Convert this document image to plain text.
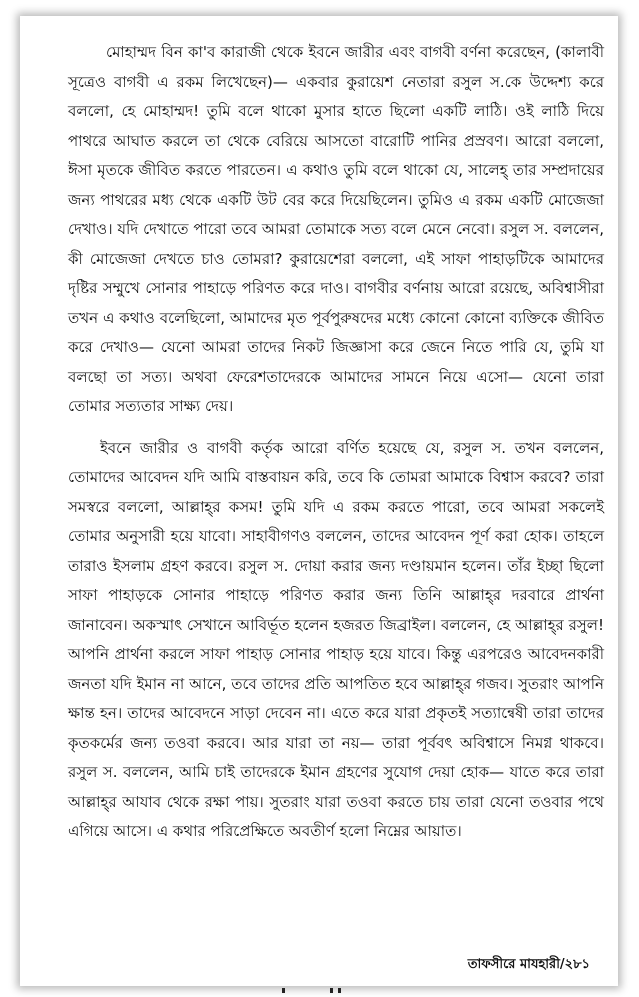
মোহাম্মদ বিন কা'ব কারাজী থেকে ইবনে জারীর এবং বাগবী বর্ণনা করেছেন, (কালাবী সূত্রেও বাগবী এ রকম লিখেছেন)— একবার কুরায়েশ নেতারা রসুল স.কে উদ্দেশ্য করে বললো, হে মোহাম্মদ! তুমি বলে থাকো মুসার হাতে ছিলো একটি লাঠি। ওই লাঠি দিয়ে পাথরে আঘাত করলে তা থেকে বেরিয়ে আসতো বারোটি পানির প্রস্রবণ। আরো বললো, ঈসা মৃতকে জীবিত করতে পারতেন। এ কথাও তুমি বলে থাকো যে, সালেহ্ তার সম্প্রদায়ের জন্য পাথরের মধ্য থেকে একটি উট বের করে দিয়েছিলেন। তুমিও এ রকম একটি মোজেজা দেখাও। যদি দেখাতে পারো তবে আমরা তোমাকে সত্য বলে মেনে নেবো। রসুল স. বললেন, কী মোজেজা দেখতে চাও তোমরা? কুরায়েশেরা বললো, এই সাফা পাহাড়টিকে আমাদের দৃষ্টির সম্মুখে সোনার পাহাড়ে পরিণত করে দাও। বাগবীর বর্ণনায় আরো রয়েছে, অবিশ্বাসীরা তখন এ কথাও বলেছিলো, আমাদের মৃত পূর্বপুরুষদের মধ্যে কোনো কোনো ব্যক্তিকে জীবিত করে দেখাও— যেনো আমরা তাদের নিকট জিজ্ঞাসা করে জেনে নিতে পারি যে, তুমি যা বলছো তা সত্য। অথবা ফেরেশতাদেরকে আমাদের সামনে নিয়ে এসো— যেনো তারা তোমার সত্যতার সাক্ষ্য দেয়।

ইবনে জারীর ও বাগবী কর্তৃক আরো বর্ণিত হয়েছে যে, রসুল স. তখন বললেন, তোমাদের আবেদন যদি আমি বাস্তবায়ন করি, তবে কি তোমরা আমাকে বিশ্বাস করবে? তারা সমস্বরে বললো, আল্লাহ্‌র কসম! তুমি যদি এ রকম করতে পারো, তবে আমরা সকলেই তোমার অনুসারী হয়ে যাবো। সাহাবীগণও বললেন, তাদের আবেদন পূর্ণ করা হোক। তাহলে তারাও ইসলাম গ্রহণ করবে। রসুল স. দোয়া করার জন্য দণ্ডায়মান হলেন। তাঁর ইচ্ছা ছিলো সাফা পাহাড়কে সোনার পাহাড়ে পরিণত করার জন্য তিনি আল্লাহ্‌র দরবারে প্রার্থনা জানাবেন। অকস্মাৎ সেখানে আবির্ভূত হলেন হজরত জিব্রাইল। বললেন, হে আল্লাহ্‌র রসুল! আপনি প্রার্থনা করলে সাফা পাহাড় সোনার পাহাড় হয়ে যাবে। কিন্তু এরপরেও আবেদনকারী জনতা যদি ইমান না আনে, তবে তাদের প্রতি আপতিত হবে আল্লাহ্‌র গজব। সুতরাং আপনি ক্ষান্ত হন। তাদের আবেদনে সাড়া দেবেন না। এতে করে যারা প্রকৃতই সত্যান্বেষী তারা তাদের কৃতকর্মের জন্য তওবা করবে। আর যারা তা নয়— তারা পূর্ববৎ অবিশ্বাসে নিমগ্ন থাকবে। রসুল স. বললেন, আমি চাই তাদেরকে ইমান গ্রহণের সুযোগ দেয়া হোক— যাতে করে তারা আল্লাহ্‌র আযাব থেকে রক্ষা পায়। সুতরাং যারা তওবা করতে চায় তারা যেনো তওবার পথে এগিয়ে আসে। এ কথার পরিপ্রেক্ষিতে অবতীর্ণ হলো নিম্নের আয়াত।

তাফসীরে মাযহারী/২৮১
